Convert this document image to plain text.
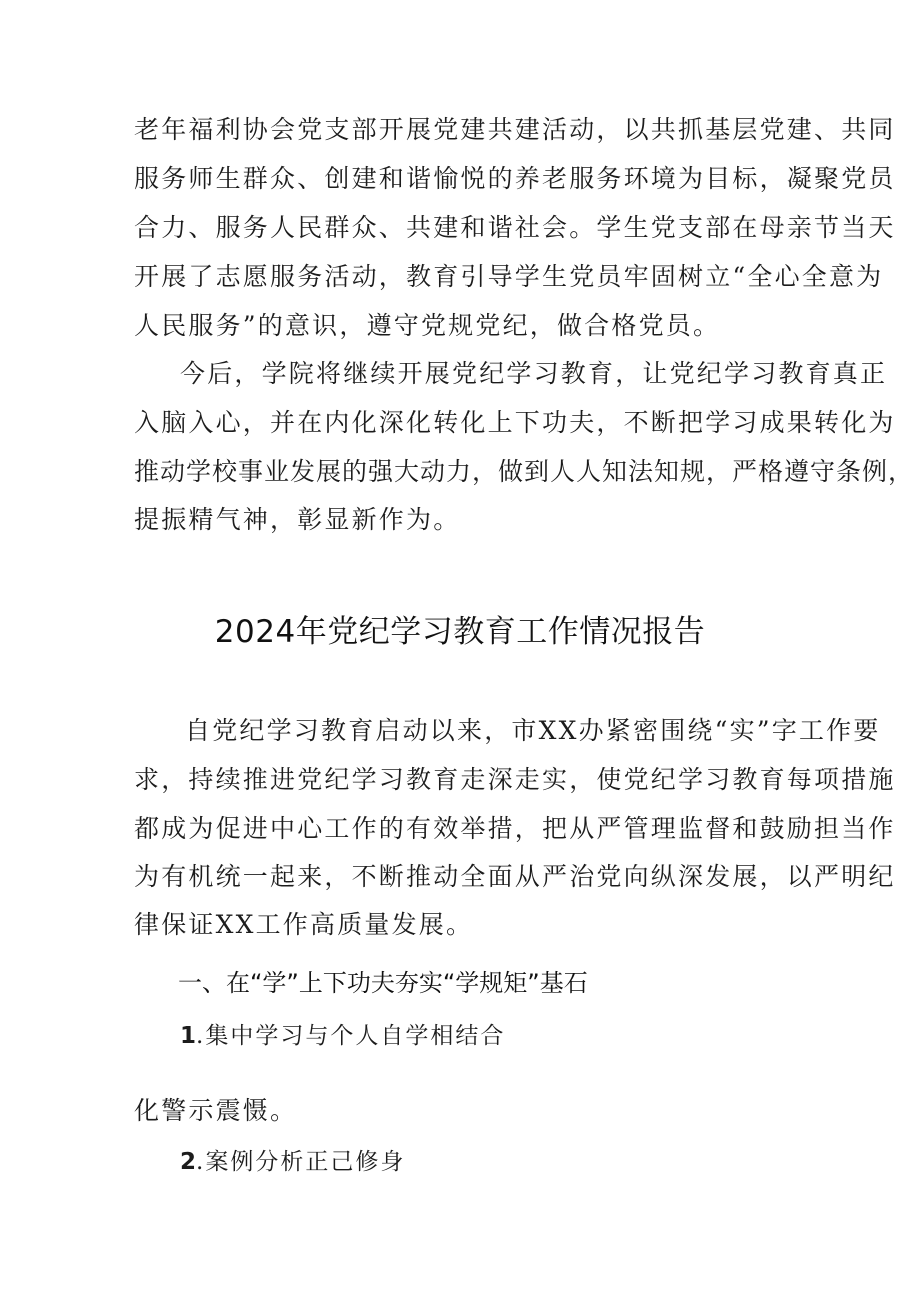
老年福利协会党支部开展党建共建活动，以共抓基层党建、共同
服务师生群众、创建和谐愉悦的养老服务环境为目标，凝聚党员
合力、服务人民群众、共建和谐社会。学生党支部在母亲节当天
开展了志愿服务活动，教育引导学生党员牢固树立“全心全意为
人民服务”的意识，遵守党规党纪，做合格党员。
今后，学院将继续开展党纪学习教育，让党纪学习教育真正
入脑入心，并在内化深化转化上下功夫，不断把学习成果转化为
推动学校事业发展的强大动力，做到人人知法知规，严格遵守条例，
提振精气神，彰显新作为。
2024年党纪学习教育工作情况报告
自党纪学习教育启动以来，市XX办紧密围绕“实”字工作要
求，持续推进党纪学习教育走深走实，使党纪学习教育每项措施
都成为促进中心工作的有效举措，把从严管理监督和鼓励担当作
为有机统一起来，不断推动全面从严治党向纵深发展，以严明纪
律保证XX工作高质量发展。
一、在“学”上下功夫夯实“学规矩”基石
1.集中学习与个人自学相结合
化警示震慑。
2.案例分析正己修身
